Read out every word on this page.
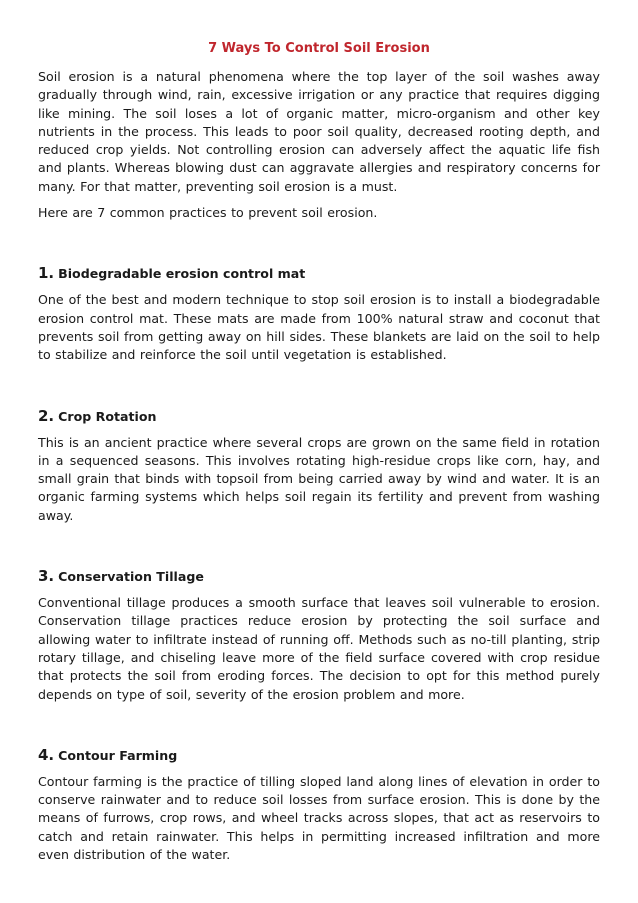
7 Ways To Control Soil Erosion

Soil erosion is a natural phenomena where the top layer of the soil washes away gradually through wind, rain, excessive irrigation or any practice that requires digging like mining. The soil loses a lot of organic matter, micro-organism and other key nutrients in the process. This leads to poor soil quality, decreased rooting depth, and reduced crop yields. Not controlling erosion can adversely affect the aquatic life fish and plants. Whereas blowing dust can aggravate allergies and respiratory concerns for many. For that matter, preventing soil erosion is a must.

Here are 7 common practices to prevent soil erosion.

1. Biodegradable erosion control mat

One of the best and modern technique to stop soil erosion is to install a biodegradable erosion control mat. These mats are made from 100% natural straw and coconut that prevents soil from getting away on hill sides. These blankets are laid on the soil to help to stabilize and reinforce the soil until vegetation is established.

2. Crop Rotation

This is an ancient practice where several crops are grown on the same field in rotation in a sequenced seasons. This involves rotating high-residue crops like corn, hay, and small grain that binds with topsoil from being carried away by wind and water. It is an organic farming systems which helps soil regain its fertility and prevent from washing away.

3. Conservation Tillage

Conventional tillage produces a smooth surface that leaves soil vulnerable to erosion. Conservation tillage practices reduce erosion by protecting the soil surface and allowing water to infiltrate instead of running off. Methods such as no-till planting, strip rotary tillage, and chiseling leave more of the field surface covered with crop residue that protects the soil from eroding forces. The decision to opt for this method purely depends on type of soil, severity of the erosion problem and more.

4. Contour Farming

Contour farming is the practice of tilling sloped land along lines of elevation in order to conserve rainwater and to reduce soil losses from surface erosion. This is done by the means of furrows, crop rows, and wheel tracks across slopes, that act as reservoirs to catch and retain rainwater. This helps in permitting increased infiltration and more even distribution of the water.
